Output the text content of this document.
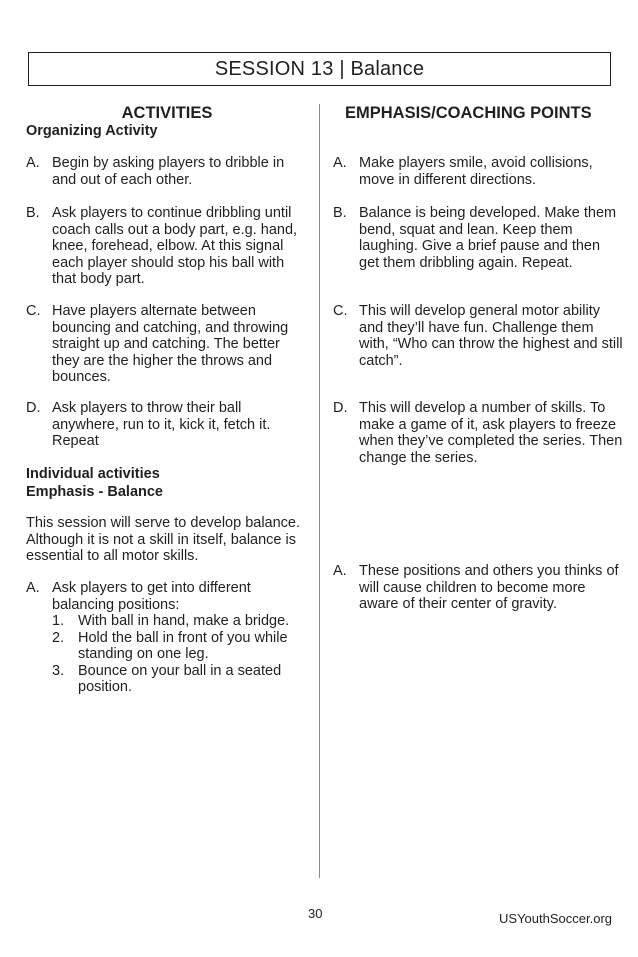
SESSION 13 | Balance

ACTIVITIES

Organizing Activity

A. Begin by asking players to dribble in and out of each other.
B. Ask players to continue dribbling until coach calls out a body part, e.g. hand, knee, forehead, elbow. At this signal each player should stop his ball with that body part.
C. Have players alternate between bouncing and catching, and throwing straight up and catching. The better they are the higher the throws and bounces.
D. Ask players to throw their ball anywhere, run to it, kick it, fetch it. Repeat

Individual activities

Emphasis - Balance

This session will serve to develop balance. Although it is not a skill in itself, balance is essential to all motor skills.

A. Ask players to get into different balancing positions:
1. With ball in hand, make a bridge.
2. Hold the ball in front of you while standing on one leg.
3. Bounce on your ball in a seated position.

EMPHASIS/COACHING POINTS

A. Make players smile, avoid collisions, move in different directions.
B. Balance is being developed. Make them bend, squat and lean. Keep them laughing. Give a brief pause and then get them dribbling again. Repeat.
C. This will develop general motor ability and they’ll have fun. Challenge them with, “Who can throw the highest and still catch”.
D. This will develop a number of skills. To make a game of it, ask players to freeze when they’ve completed the series. Then change the series.
A. These positions and others you thinks of will cause children to become more aware of their center of gravity.
30	USYouthSoccer.org
